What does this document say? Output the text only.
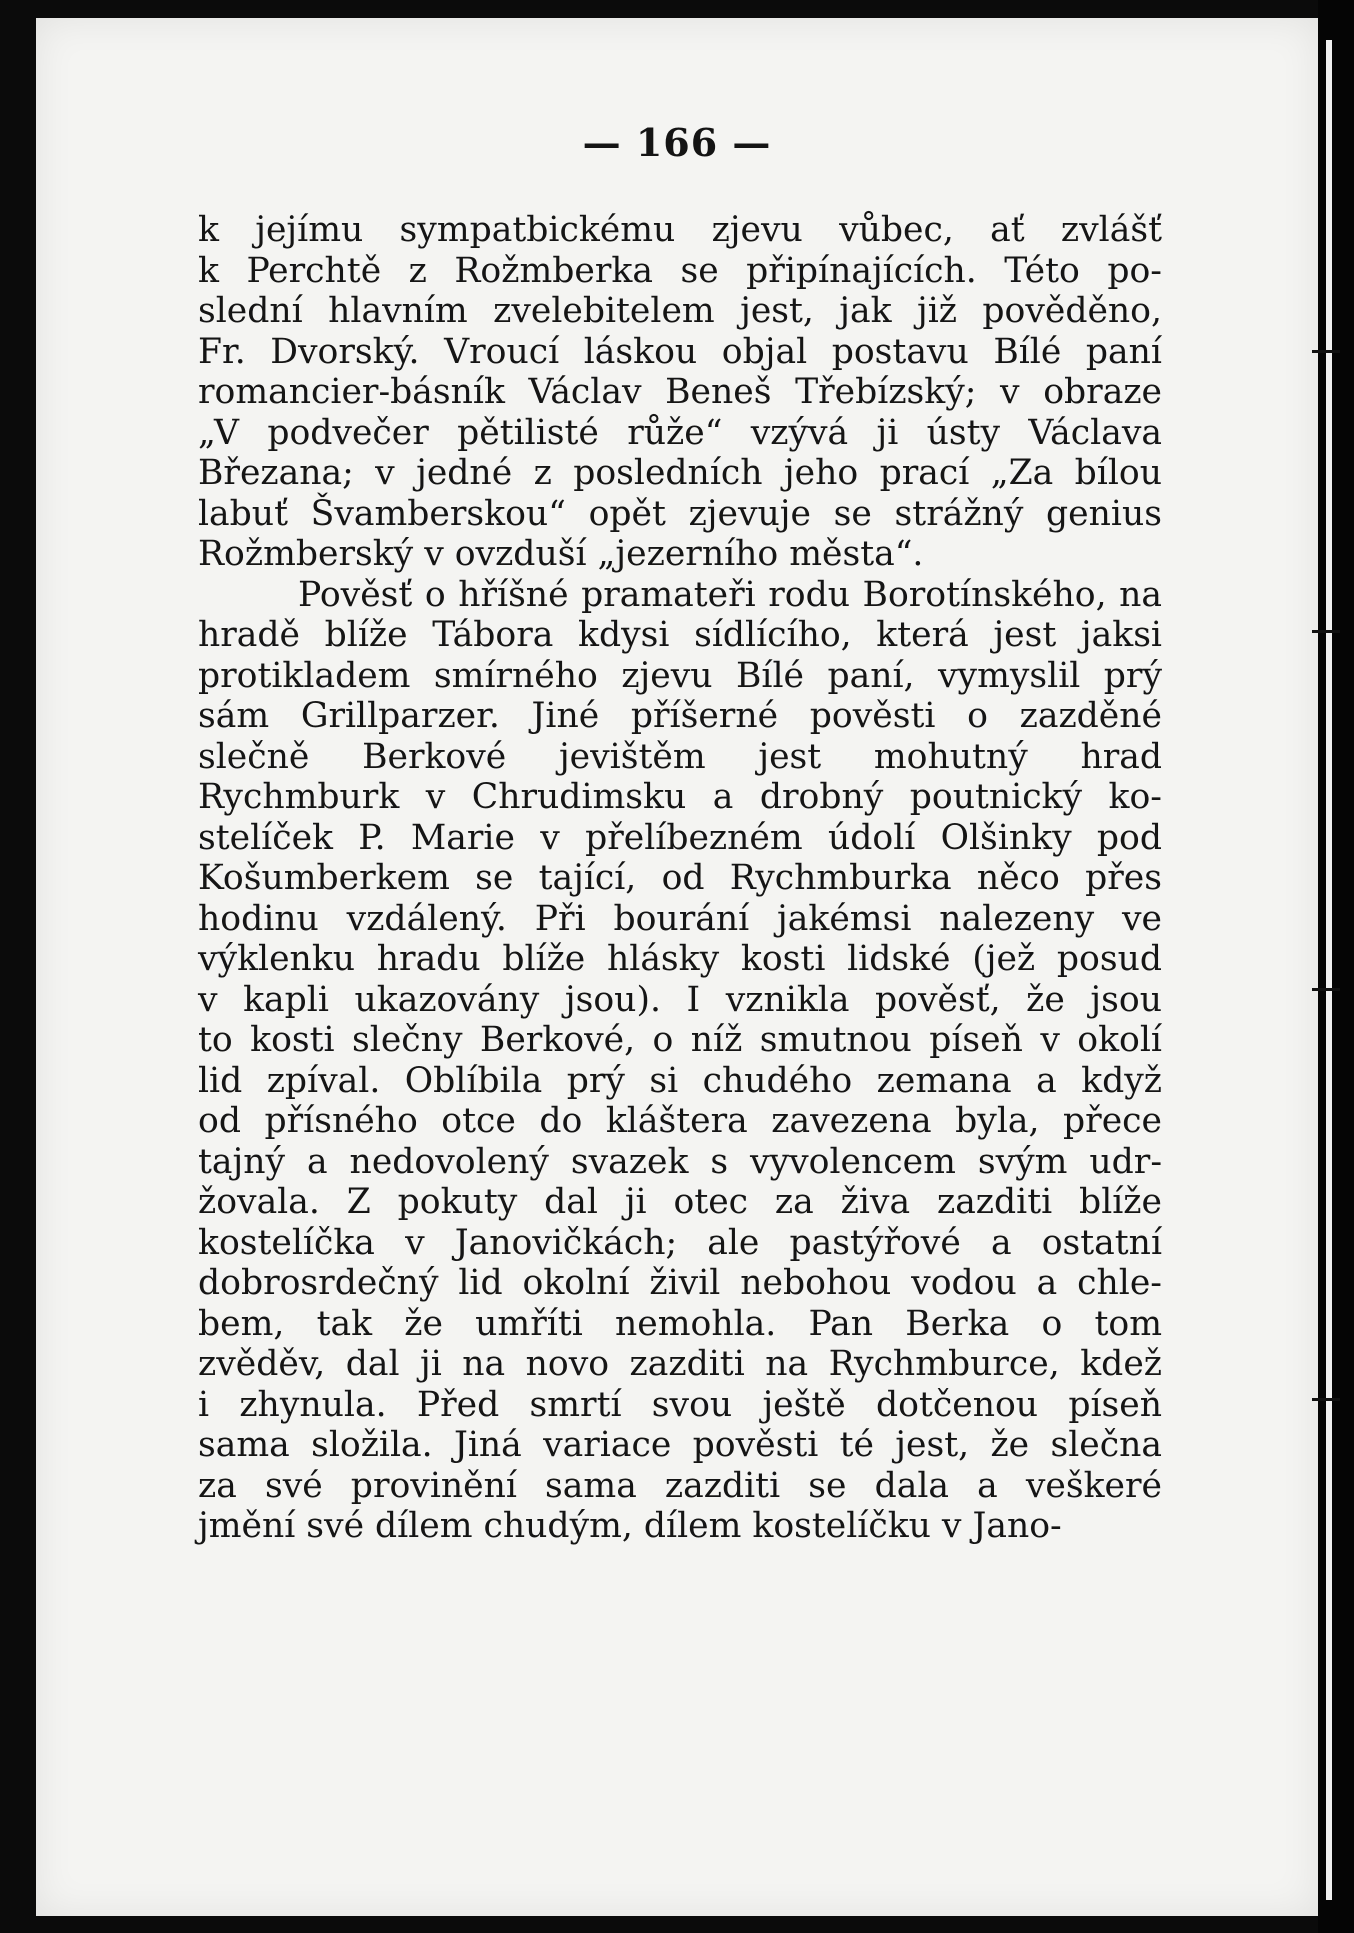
— 166 —
k jejímu sympatbickému zjevu vůbec, ať zvlášť
k Perchtě z Rožmberka se připínajících. Této po-
slední hlavním zvelebitelem jest, jak již pověděno,
Fr. Dvorský. Vroucí láskou objal postavu Bílé paní
romancier-básník Václav Beneš Třebízský; v obraze
„V podvečer pětilisté růže“ vzývá ji ústy Václava
Březana; v jedné z posledních jeho prací „Za bílou
labuť Švamberskou“ opět zjevuje se strážný genius
Rožmberský v ovzduší „jezerního města“.
Pověsť o hříšné pramateři rodu Borotínského, na
hradě blíže Tábora kdysi sídlícího, která jest jaksi
protikladem smírného zjevu Bílé paní, vymyslil prý
sám Grillparzer. Jiné příšerné pověsti o zazděné
slečně Berkové jevištěm jest mohutný hrad
Rychmburk v Chrudimsku a drobný poutnický ko-
stelíček P. Marie v přelíbezném údolí Olšinky pod
Košumberkem se tající, od Rychmburka něco přes
hodinu vzdálený. Při bourání jakémsi nalezeny ve
výklenku hradu blíže hlásky kosti lidské (jež posud
v kapli ukazovány jsou). I vznikla pověsť, že jsou
to kosti slečny Berkové, o níž smutnou píseň v okolí
lid zpíval. Oblíbila prý si chudého zemana a když
od přísného otce do kláštera zavezena byla, přece
tajný a nedovolený svazek s vyvolencem svým udr-
žovala. Z pokuty dal ji otec za živa zazditi blíže
kostelíčka v Janovičkách; ale pastýřové a ostatní
dobrosrdečný lid okolní živil nebohou vodou a chle-
bem, tak že umříti nemohla. Pan Berka o tom
zvěděv, dal ji na novo zazditi na Rychmburce, kdež
i zhynula. Před smrtí svou ještě dotčenou píseň
sama složila. Jiná variace pověsti té jest, že slečna
za své provinění sama zazditi se dala a veškeré
jmění své dílem chudým, dílem kostelíčku v Jano-
